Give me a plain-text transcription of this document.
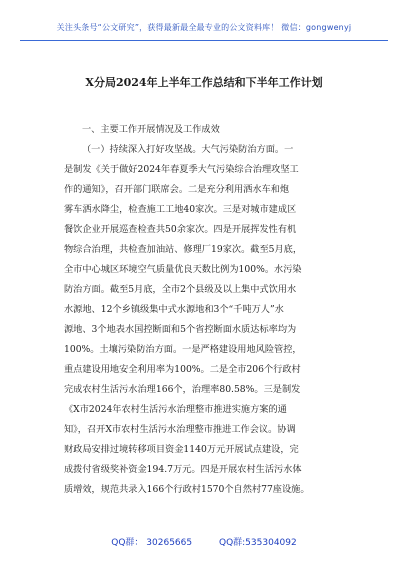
关注头条号“公文研究”，获得最新最全最专业的公文资料库！ 微信：gongwenyj
X分局2024年上半年工作总结和下半年工作计划
一、主要工作开展情况及工作成效
（一）持续深入打好攻坚战。大气污染防治方面。一
是制发《关于做好2024年春夏季大气污染综合治理攻坚工
作的通知》，召开部门联席会。二是充分利用洒水车和炮
雾车洒水降尘，检查施工工地40家次。三是对城市建成区
餐饮企业开展巡查检查共50余家次。四是开展挥发性有机
物综合治理，共检查加油站、修理厂19家次。截至5月底，
全市中心城区环境空气质量优良天数比例为100%。水污染
防治方面。截至5月底，全市2个县级及以上集中式饮用水
水源地、12个乡镇级集中式水源地和3个“千吨万人”水
源地、3个地表水国控断面和5个省控断面水质达标率均为
100%。土壤污染防治方面。一是严格建设用地风险管控，
重点建设用地安全利用率为100%。二是全市206个行政村
完成农村生活污水治理166个，治理率80.58%。三是制发
《X市2024年农村生活污水治理整市推进实施方案的通
知》，召开X市农村生活污水治理整市推进工作会议。协调
财政局安排过境转移项目资金1140万元开展试点建设，完
成拨付省级奖补资金194.7万元。四是开展农村生活污水体
质增效，规范共录入166个行政村1570个自然村77座设施。
QQ群： 30265665	QQ群:535304092
